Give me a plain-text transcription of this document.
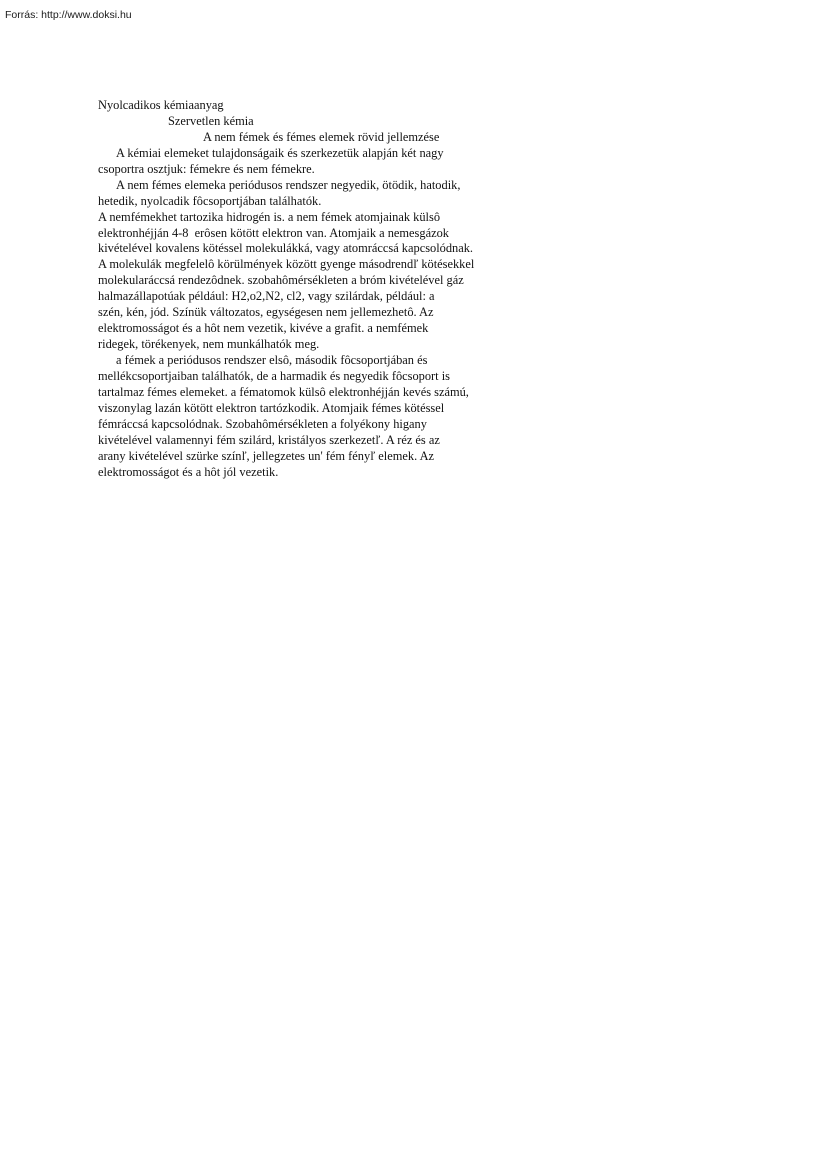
Forrás: http://www.doksi.hu
Nyolcadikos kémiaanyag
Szervetlen kémia
A nem fémek és fémes elemek rövid jellemzése
A kémiai elemeket tulajdonságaik és szerkezetük alapján két nagy
csoportra osztjuk: fémekre és nem fémekre.
A nem fémes elemeka periódusos rendszer negyedik, ötödik, hatodik,
hetedik, nyolcadik fôcsoportjában találhatók.
A nemfémekhet tartozika hidrogén is. a nem fémek atomjainak külsô
elektronhéjján 4-8  erôsen kötött elektron van. Atomjaik a nemesgázok
kivételével kovalens kötéssel molekulákká, vagy atomráccsá kapcsolódnak.
A molekulák megfelelô körülmények között gyenge másodrendľ kötésekkel
molekularáccsá rendezôdnek. szobahômérsékleten a bróm kivételével gáz
halmazállapotúak például: H2,o2,N2, cl2, vagy szilárdak, például: a
szén, kén, jód. Színük változatos, egységesen nem jellemezhetô. Az
elektromosságot és a hôt nem vezetik, kivéve a grafit. a nemfémek
ridegek, törékenyek, nem munkálhatók meg.
a fémek a periódusos rendszer elsô, második fôcsoportjában és
mellékcsoportjaiban találhatók, de a harmadik és negyedik fôcsoport is
tartalmaz fémes elemeket. a fématomok külsô elektronhéjján kevés számú,
viszonylag lazán kötött elektron tartózkodik. Atomjaik fémes kötéssel
fémráccsá kapcsolódnak. Szobahômérsékleten a folyékony higany
kivételével valamennyi fém szilárd, kristályos szerkezetľ. A réz és az
arany kivételével szürke színľ, jellegzetes un' fém fényľ elemek. Az
elektromosságot és a hôt jól vezetik.
